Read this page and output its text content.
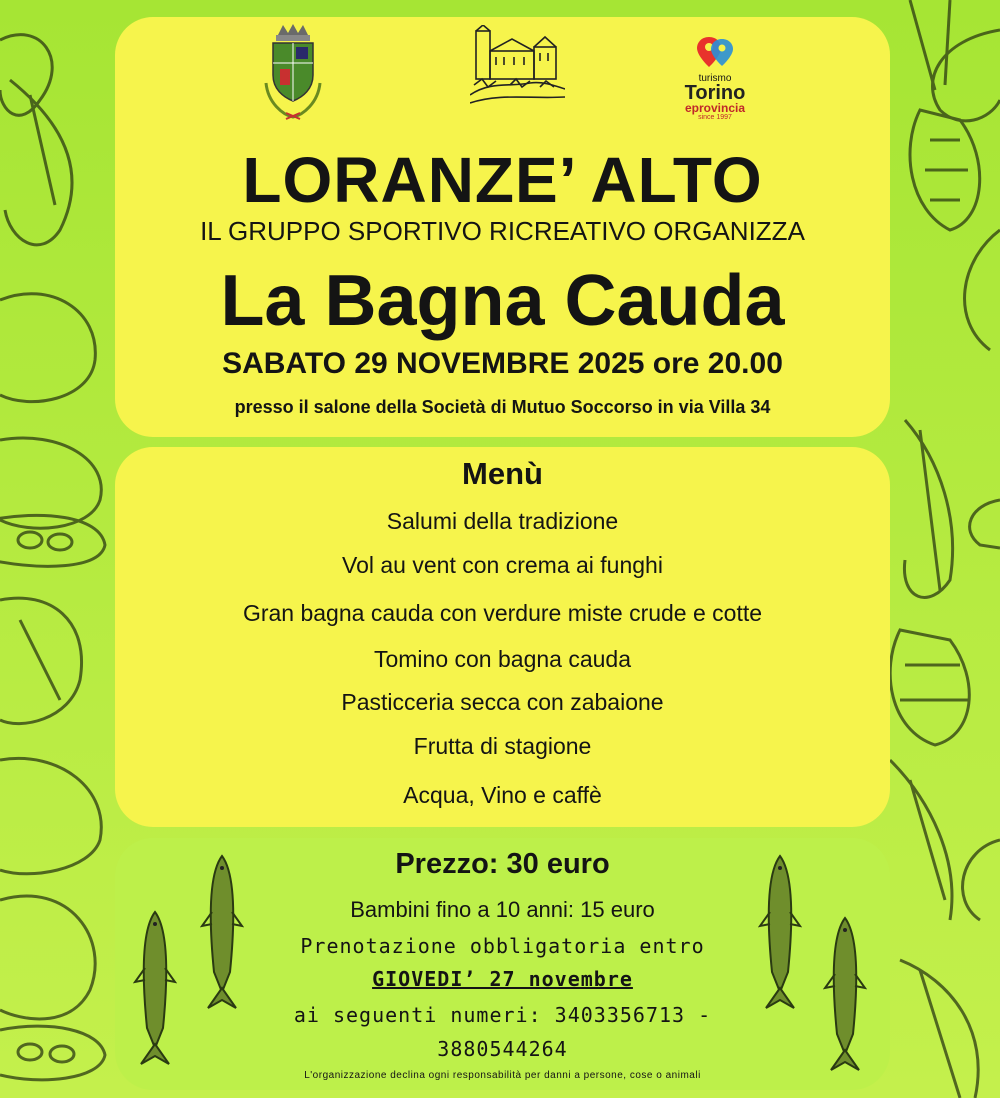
turismo
Torino
eprovincia
since 1997
LORANZE’ ALTO
IL GRUPPO SPORTIVO RICREATIVO ORGANIZZA
La Bagna Cauda
SABATO 29 NOVEMBRE 2025 ore 20.00
presso il salone della Società di Mutuo Soccorso in via Villa 34
Menù
Salumi della tradizione
Vol au vent con crema ai funghi
Gran bagna cauda con verdure miste crude e cotte
Tomino con bagna cauda
Pasticceria secca con zabaione
Frutta di stagione
Acqua, Vino e caffè
Prezzo: 30 euro
Bambini fino a 10 anni: 15 euro
Prenotazione obbligatoria entro
GIOVEDI’ 27 novembre
ai seguenti numeri: 3403356713 - 3880544264
L'organizzazione declina ogni responsabilità per danni a persone, cose o animali
